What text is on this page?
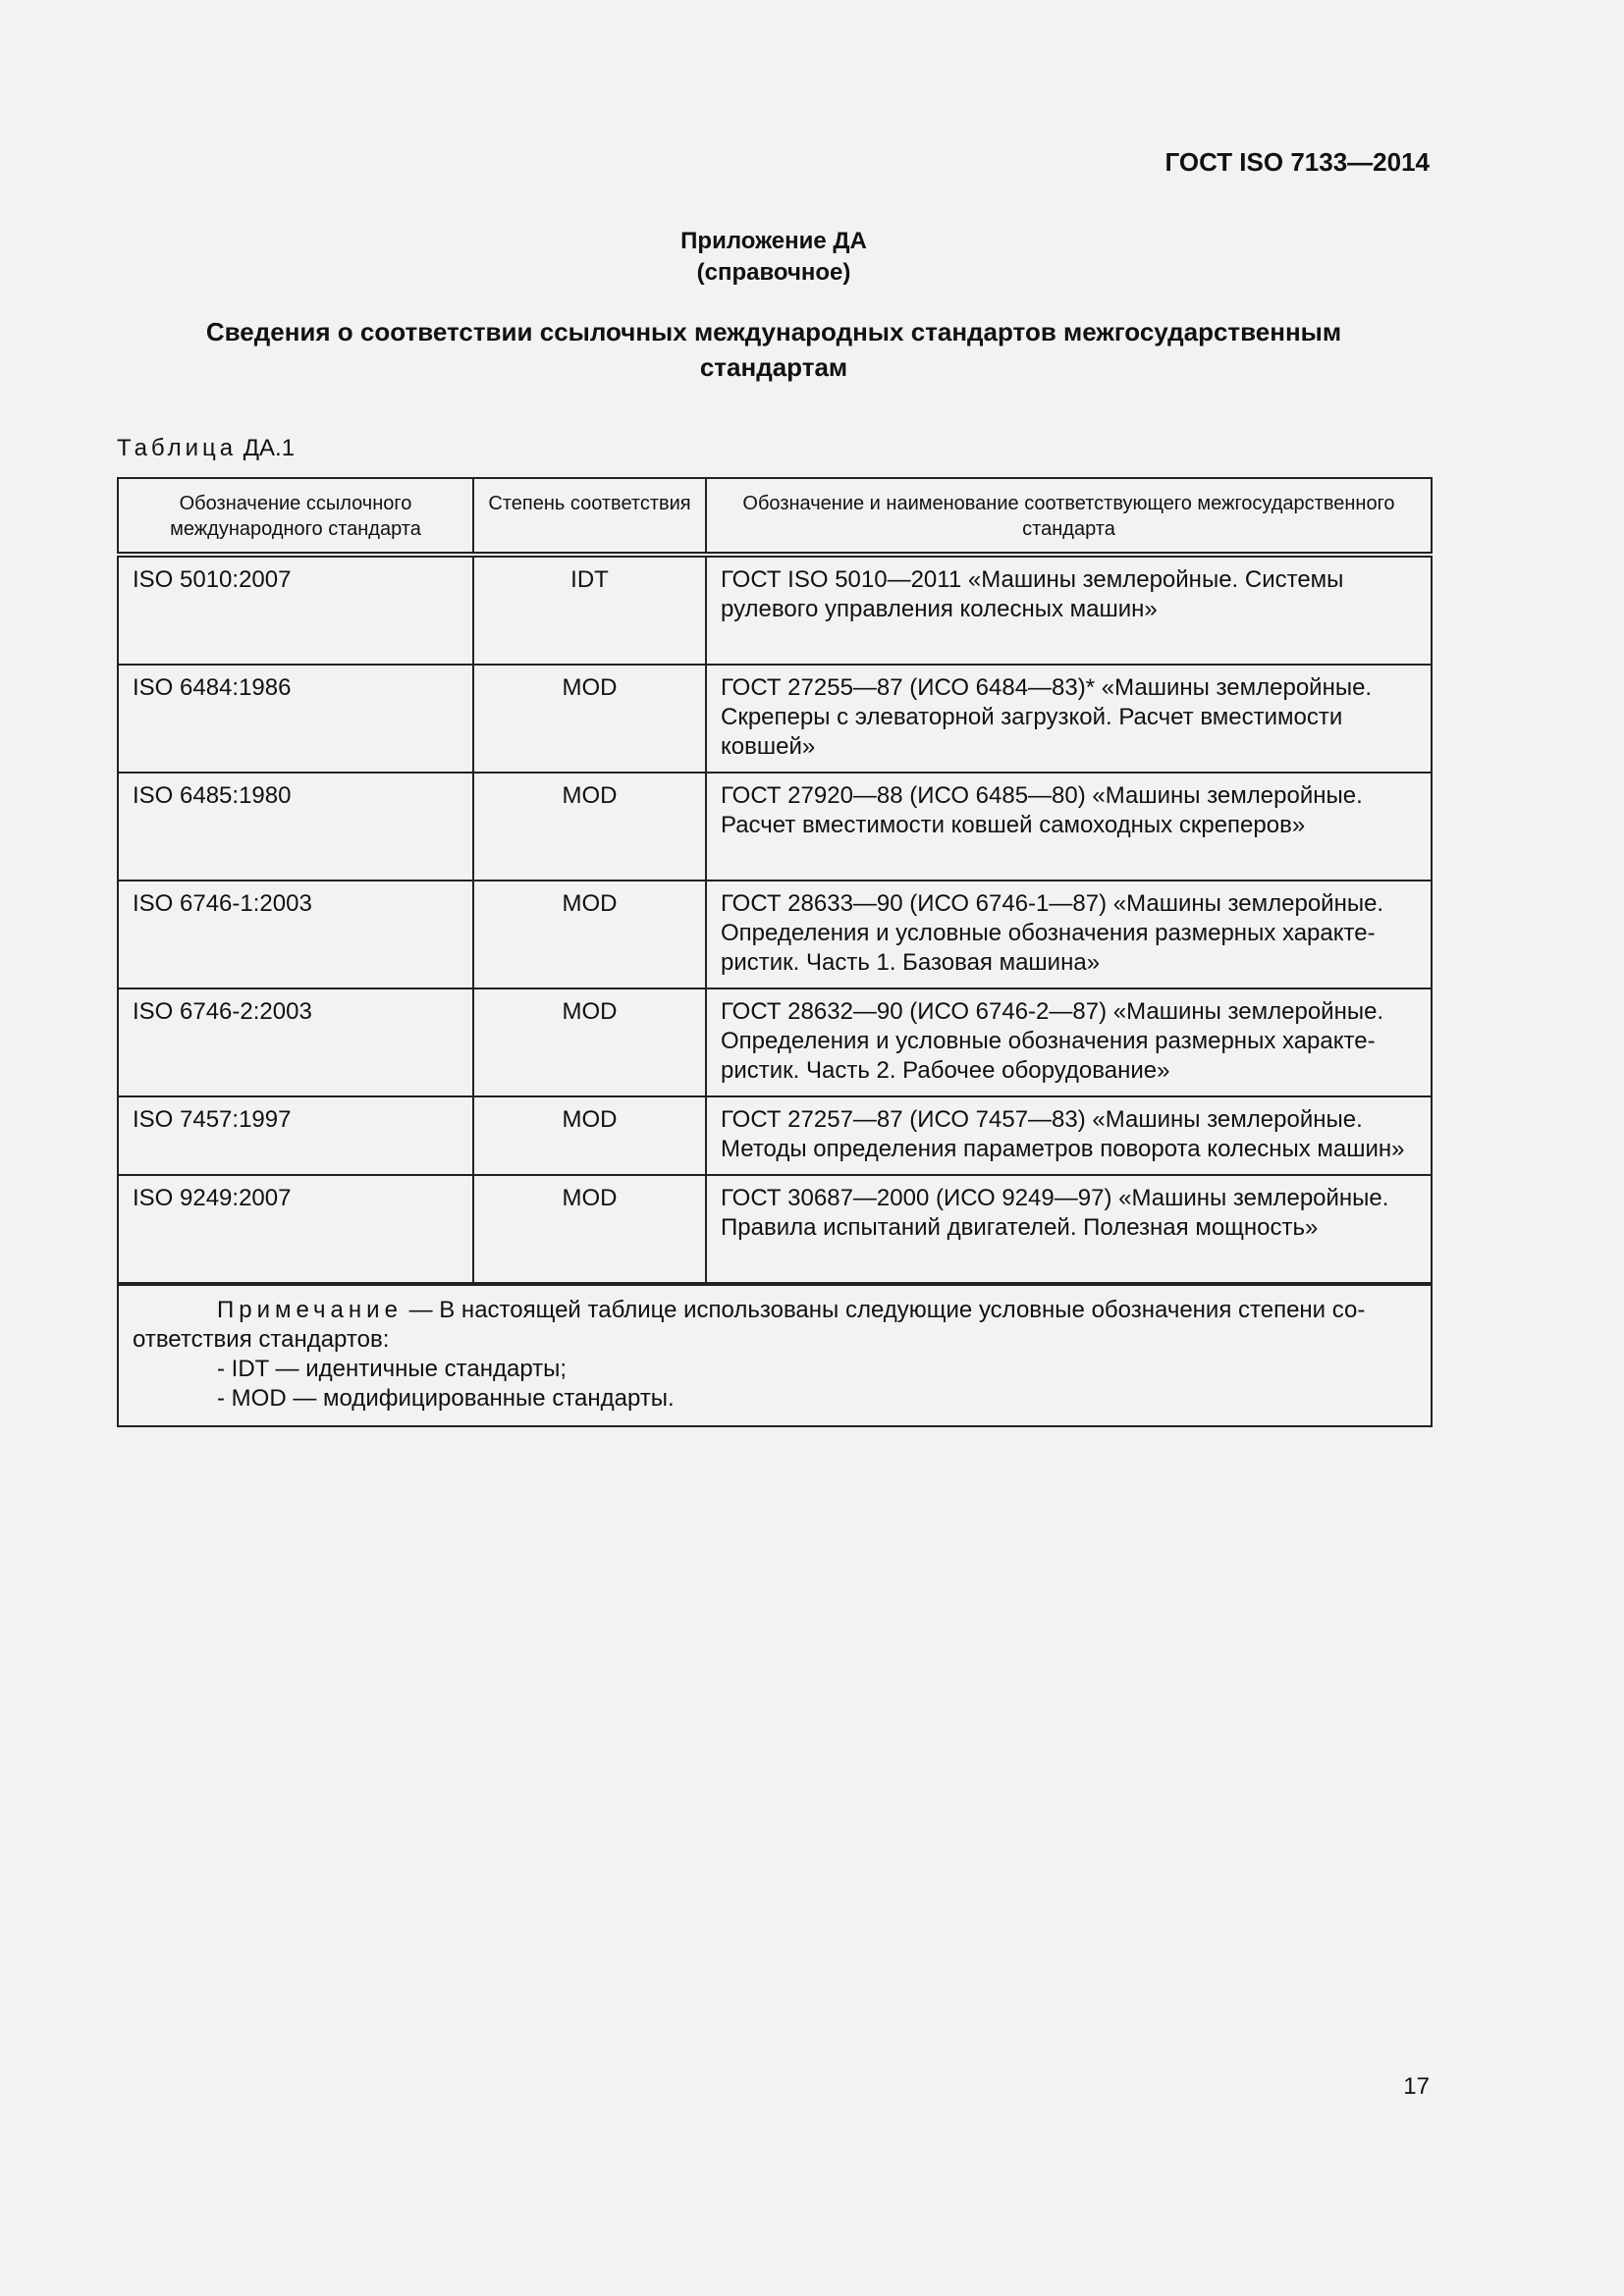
ГОСТ ISO 7133—2014
Приложение ДА
(справочное)
Сведения о соответствии ссылочных международных стандартов межгосударственным
стандартам
Таблица ДА.1
Обозначение ссылочного международного стандарта	Степень соответствия	Обозначение и наименование соответствующего межгосударственного стандарта
ISO 5010:2007	IDT	ГОСТ ISO 5010—2011 «Машины землеройные. Системы рулевого управления колесных машин»
ISO 6484:1986	MOD	ГОСТ 27255—87 (ИСО 6484—83)* «Машины землеройные. Скреперы с элеваторной загрузкой. Расчет вместимости ковшей»
ISO 6485:1980	MOD	ГОСТ 27920—88 (ИСО 6485—80) «Машины землеройные. Расчет вместимости ковшей самоходных скреперов»
ISO 6746-1:2003	MOD	ГОСТ 28633—90 (ИСО 6746-1—87) «Машины землеройные. Определения и условные обозначения размерных характе-ристик. Часть 1. Базовая машина»
ISO 6746-2:2003	MOD	ГОСТ 28632—90 (ИСО 6746-2—87) «Машины землеройные. Определения и условные обозначения размерных характе-ристик. Часть 2. Рабочее оборудование»
ISO 7457:1997	MOD	ГОСТ 27257—87 (ИСО 7457—83) «Машины землеройные. Методы определения параметров поворота колесных машин»
ISO 9249:2007	MOD	ГОСТ 30687—2000 (ИСО 9249—97) «Машины землеройные. Правила испытаний двигателей. Полезная мощность»

Примечание — В настоящей таблице использованы следующие условные обозначения степени со-ответствия стандартов:
- IDT — идентичные стандарты;
- MOD — модифицированные стандарты.		
17
